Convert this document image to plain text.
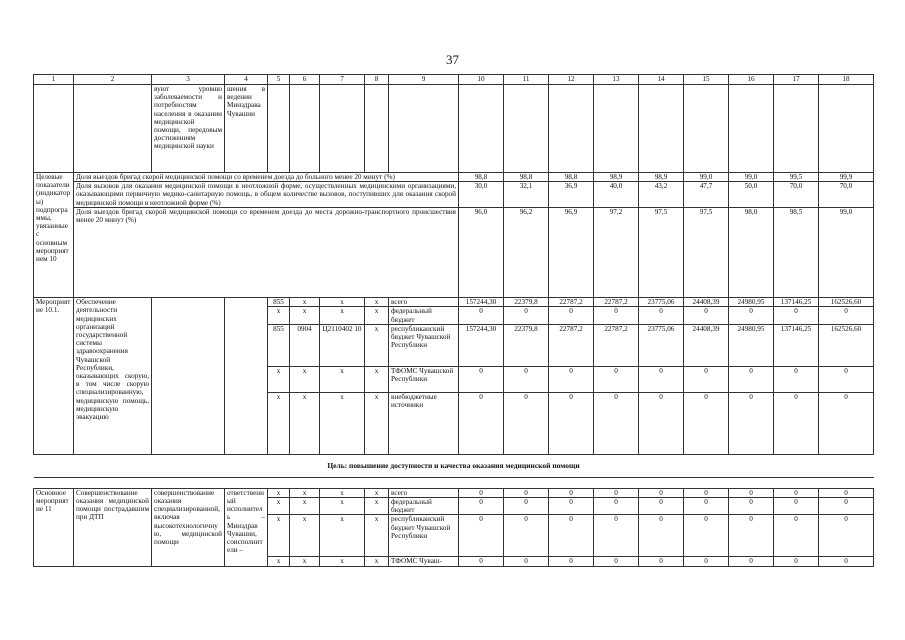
37
1	2	3	4	5	6	7	8	9	10	11	12	13	14	15	16	17	18
		вуют уровню заболеваемости и потребностям населения в оказании медицинской помощи, передовым достижениям медицинской науки	шения в ведении Минздрава Чувашии														
Целевые показатели (индикаторы) подпрограммы, увязанные с основным мероприятием 10	Доля выездов бригад скорой медицинской помощи со временем доезда до больного менее 20 минут (%)								98,8	98,8	98,8	98,9	98,9	99,0	99,0	99,5	99,9
	Доля вызовов для оказания медицинской помощи в неотложной форме, осуществленных медицинскими организациями, оказывающими первичную медико-санитарную помощь, в общем количестве вызовов, поступивших для оказания скорой медицинской помощи в неотложной форме (%)								30,0	32,1	36,9	40,0	43,2	47,7	50,0	70,0	70,0
	Доля выездов бригад скорой медицинской помощи со временем доезда до места дорожно-транспортного происшествия менее 20 минут (%)								96,0	96,2	96,9	97,2	97,5	97,5	98,0	98,5	99,0
Мероприятие 10.1.	Обеспечение деятельности медицинских организаций государственной системы здравоохранения Чувашской Республики, оказывающих скорую, в том числе скорую специализированную, медицинскую помощь, медицинскую эвакуацию			855	x	x	x	всего	157244,30	22379,8	22787,2	22787,2	23775,06	24408,39	24980,95	137146,25	162526,60
				x	x	x	x	федеральный бюджет	0	0	0	0	0	0	0	0	0
				855	0904	Ц2110402 10	x	республиканский бюджет Чувашской Республики	157244,30	22379,8	22787,2	22787,2	23775,06	24408,39	24980,95	137146,25	162526,60
				x	x	x	x	ТФОМС Чувашской Республики	0	0	0	0	0	0	0	0	0
				x	x	x	x	внебюджетные источники	0	0	0	0	0	0	0	0	0
Цель: повышение доступности и качества оказания медицинской помощи																	

Основное мероприятие 11	Совершенствование оказания медицинской помощи пострадавшим при ДТП	совершенствование оказания специализированной, включая высокотехнологичную, медицинской помощи	ответственный исполнитель – Минздрав Чувашии, соисполнители –	x	x	x	x	всего	0	0	0	0	0	0	0	0	0
				x	x	x	x	федеральный бюджет	0	0	0	0	0	0	0	0	0
				x	x	x	x	республиканский бюджет Чувашской Республики	0	0	0	0	0	0	0	0	0
				x	x	x	x	ТФОМС Чуваш-	0	0	0	0	0	0	0	0	0
